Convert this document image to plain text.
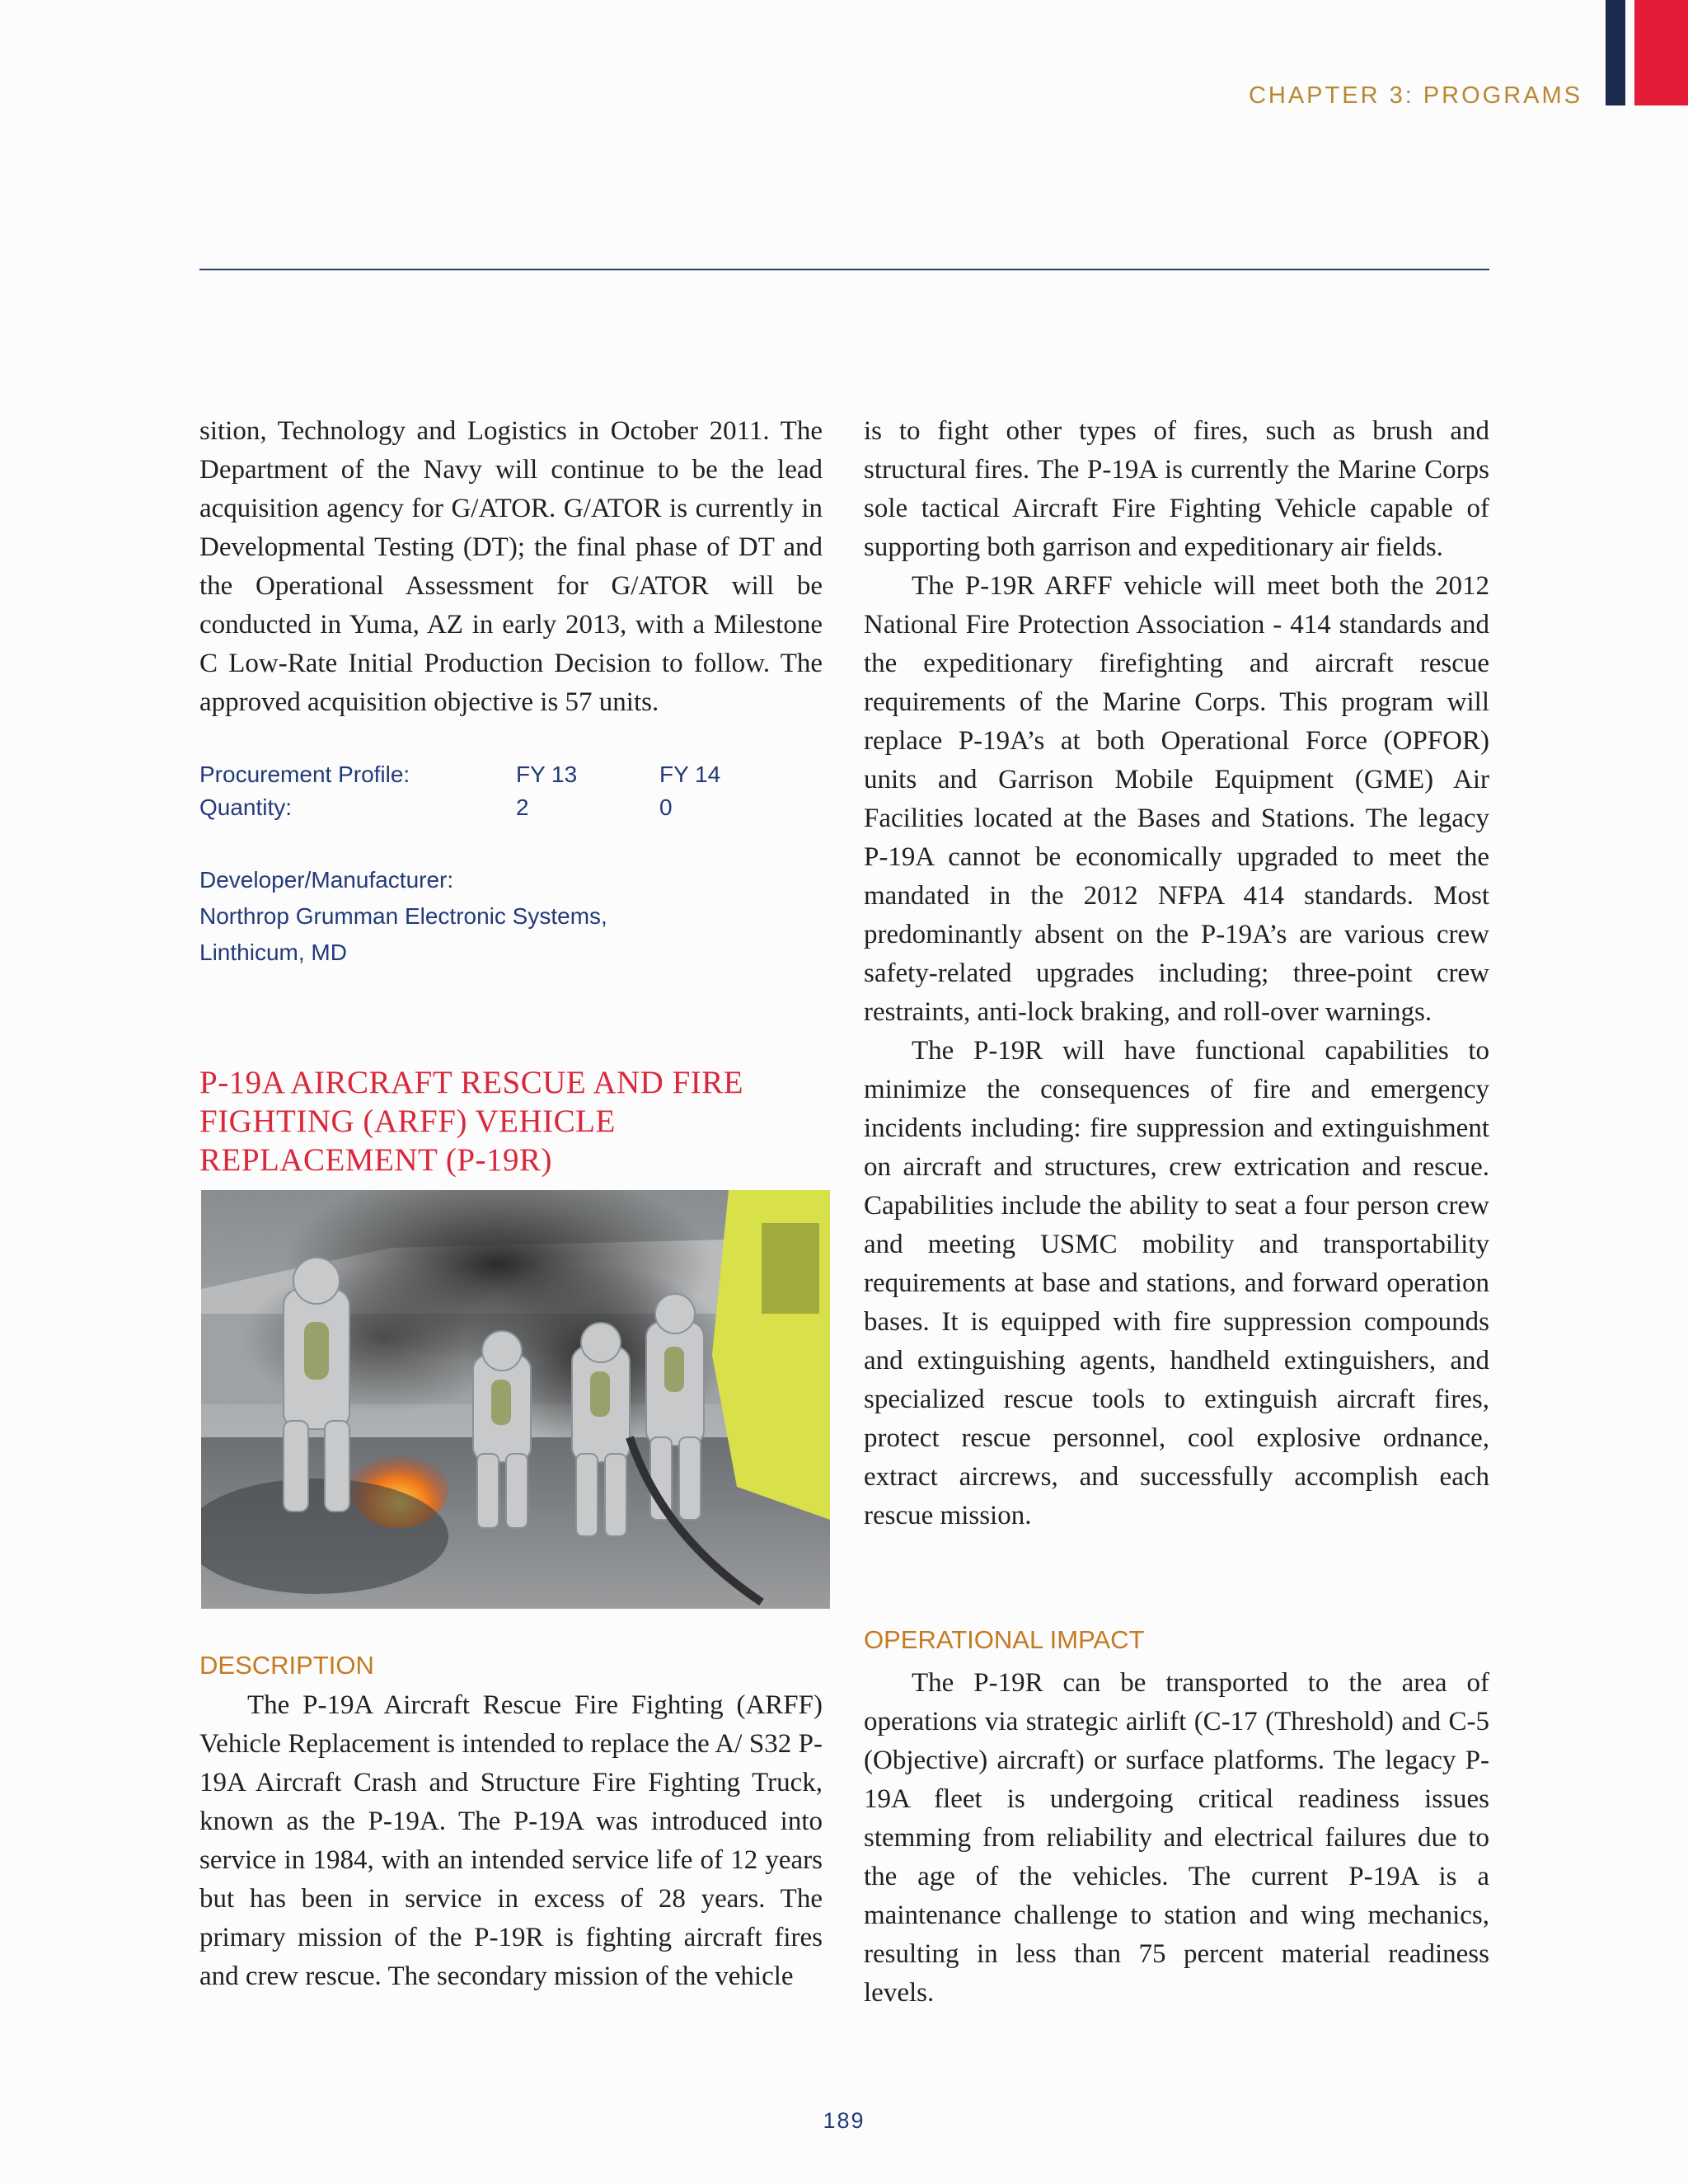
CHAPTER 3: PROGRAMS

sition, Technology and Logistics in October 2011. The Department of the Navy will continue to be the lead acquisition agency for G/ATOR. G/ATOR is currently in Developmental Testing (DT); the final phase of DT and the Operational Assessment for G/ATOR will be conducted in Yuma, AZ in early 2013, with a Milestone C Low-Rate Initial Production Decision to follow. The approved acquisition objective is 57 units.

Procurement Profile:	FY 13	FY 14
Quantity:	2	0
Developer/Manufacturer:
Northrop Grumman Electronic Systems,
Linthicum, MD
P-19A AIRCRAFT RESCUE AND FIRE FIGHTING (ARFF) VEHICLE REPLACEMENT (P-19R)
DESCRIPTION

The P-19A Aircraft Rescue Fire Fighting (ARFF) Vehicle Replacement is intended to replace the A/ S32 P-19A Aircraft Crash and Structure Fire Fighting Truck, known as the P-19A. The P-19A was introduced into service in 1984, with an intended service life of 12 years but has been in service in excess of 28 years. The primary mission of the P-19R is fighting aircraft fires and crew rescue. The secondary mission of the vehicle

is to fight other types of fires, such as brush and structural fires. The P-19A is currently the Marine Corps sole tactical Aircraft Fire Fighting Vehicle capable of supporting both garrison and expeditionary air fields.

The P-19R ARFF vehicle will meet both the 2012 National Fire Protection Association - 414 standards and the expeditionary firefighting and aircraft rescue requirements of the Marine Corps. This program will replace P-19A’s at both Operational Force (OPFOR) units and Garrison Mobile Equipment (GME) Air Facilities located at the Bases and Stations. The legacy P-19A cannot be economically upgraded to meet the mandated in the 2012 NFPA 414 standards. Most predominantly absent on the P-19A’s are various crew safety-related upgrades including; three-point crew restraints, anti-lock braking, and roll-over warnings.

The P-19R will have functional capabilities to minimize the consequences of fire and emergency incidents including: fire suppression and extinguishment on aircraft and structures, crew extrication and rescue. Capabilities include the ability to seat a four person crew and meeting USMC mobility and transportability requirements at base and stations, and forward operation bases. It is equipped with fire suppression compounds and extinguishing agents, handheld extinguishers, and specialized rescue tools to extinguish aircraft fires, protect rescue personnel, cool explosive ordnance, extract aircrews, and successfully accomplish each rescue mission.

OPERATIONAL IMPACT

The P-19R can be transported to the area of operations via strategic airlift (C-17 (Threshold) and C-5 (Objective) aircraft) or surface platforms. The legacy P-19A fleet is undergoing critical readiness issues stemming from reliability and electrical failures due to the age of the vehicles. The current P-19A is a maintenance challenge to station and wing mechanics, resulting in less than 75 percent material readiness levels.

189
